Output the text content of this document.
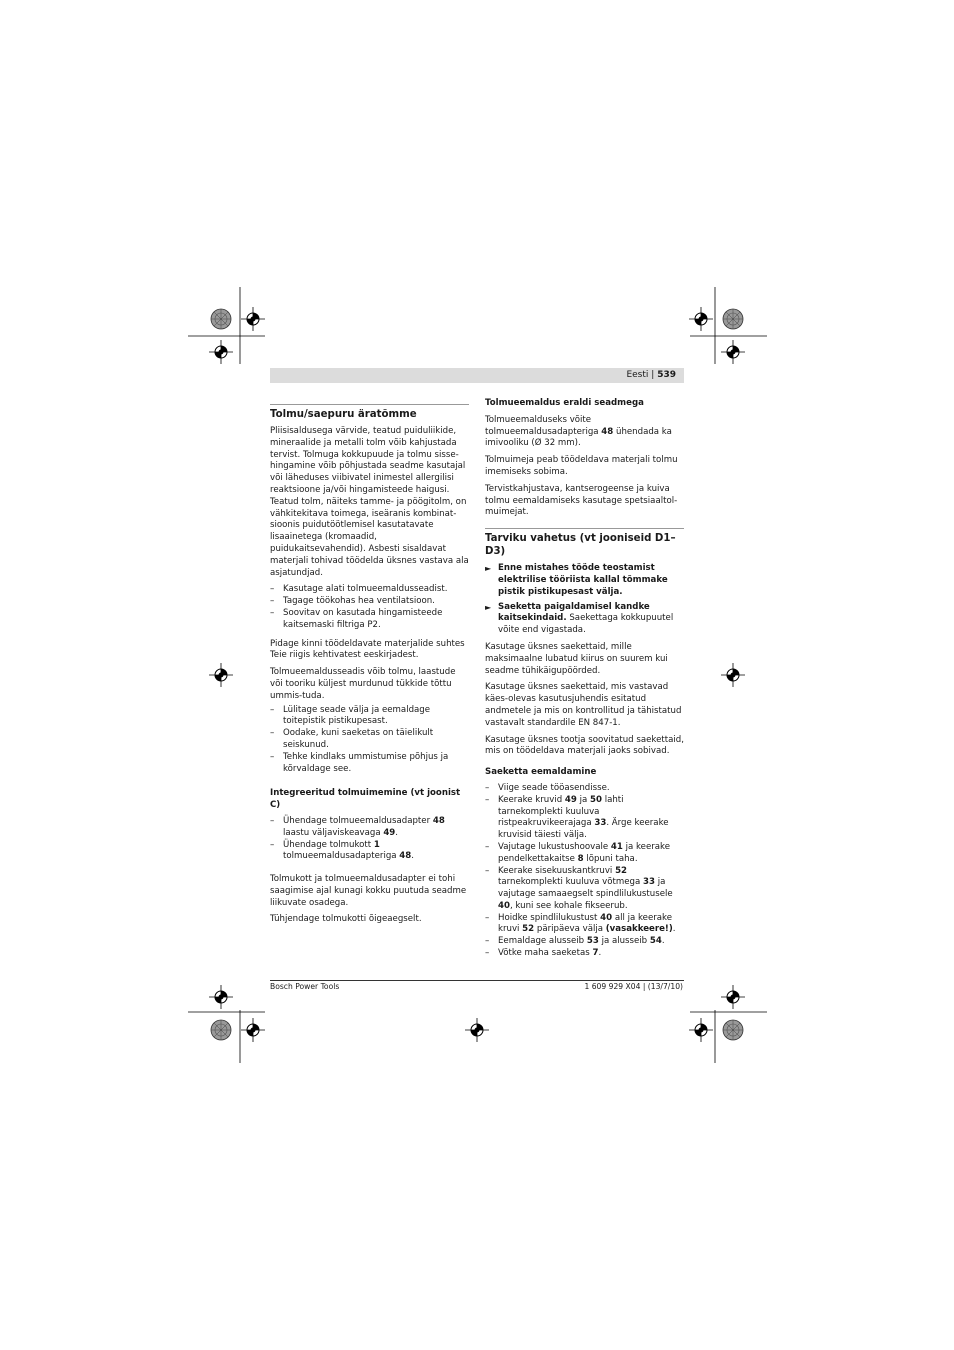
Eesti | 539
Tolmu/saepuru äratõmme

Pliisisaldusega värvide, teatud puiduliikide, mineraalide ja metalli tolm võib kahjustada tervist. Tolmuga kokkupuude ja tolmu sisse-hingamine võib põhjustada seadme kasutajal või läheduses viibivatel inimestel allergilisi reaktsioone ja/või hingamisteede haigusi. Teatud tolm, näiteks tamme- ja pöögitolm, on vähkitekitava toimega, iseäranis kombinat-sioonis puidutöötlemisel kasutatavate lisaainetega (kromaadid, puidukaitsevahendid). Asbesti sisaldavat materjali tohivad töödelda üksnes vastava ala asjatundjad.

– Kasutage alati tolmueemaldusseadist.
– Tagage töökohas hea ventilatsioon.
– Soovitav on kasutada hingamisteede kaitsemaski filtriga P2.

Pidage kinni töödeldavate materjalide suhtes Teie riigis kehtivatest eeskirjadest.

Tolmueemaldusseadis võib tolmu, laastude või tooriku küljest murdunud tükkide tõttu ummis-tuda.

– Lülitage seade välja ja eemaldage toitepistik pistikupesast.
– Oodake, kuni saeketas on täielikult seiskunud.
– Tehke kindlaks ummistumise põhjus ja kõrvaldage see.
Integreeritud tolmuimemine (vt joonist C)
– Ühendage tolmueemaldusadapter 48 laastu väljaviskeavaga 49.
– Ühendage tolmukott 1 tolmueemaldusadapteriga 48.

Tolmukott ja tolmueemaldusadapter ei tohi saagimise ajal kunagi kokku puutuda seadme liikuvate osadega.

Tühjendage tolmukotti õigeaegselt.

Tolmueemaldus eraldi seadmega

Tolmueemalduseks võite tolmueemaldusadapteriga 48 ühendada ka imivooliku (Ø 32 mm).

Tolmuimeja peab töödeldava materjali tolmu imemiseks sobima.

Tervistkahjustava, kantserogeense ja kuiva tolmu eemaldamiseks kasutage spetsiaaltol-muimejat.

Tarviku vahetus (vt jooniseid D1–D3)
► Enne mistahes tööde teostamist elektrilise tööriista kallal tõmmake pistik pistikupesast välja.
► Saeketta paigaldamisel kandke kaitsekindaid. Saekettaga kokkupuutel võite end vigastada.

Kasutage üksnes saekettaid, mille maksimaalne lubatud kiirus on suurem kui seadme tühikäigupöörded.

Kasutage üksnes saekettaid, mis vastavad käes-olevas kasutusjuhendis esitatud andmetele ja mis on kontrollitud ja tähistatud vastavalt standardile EN 847-1.

Kasutage üksnes tootja soovitatud saekettaid, mis on töödeldava materjali jaoks sobivad.

Saeketta eemaldamine
– Viige seade tööasendisse.
– Keerake kruvid 49 ja 50 lahti tarnekomplekti kuuluva ristpeakruvikeerajaga 33. Ärge keerake kruvisid täiesti välja.
– Vajutage lukustushoovale 41 ja keerake pendelkettakaitse 8 lõpuni taha.
– Keerake sisekuuskantkruvi 52 tarnekomplekti kuuluva võtmega 33 ja vajutage samaaegselt spindlilukustusele 40, kuni see kohale fikseerub.
– Hoidke spindlilukustust 40 all ja keerake kruvi 52 päripäeva välja (vasakkeere!).
– Eemaldage alusseib 53 ja alusseib 54.
– Võtke maha saeketas 7.
Bosch Power Tools	1 609 929 X04 | (13/7/10)
